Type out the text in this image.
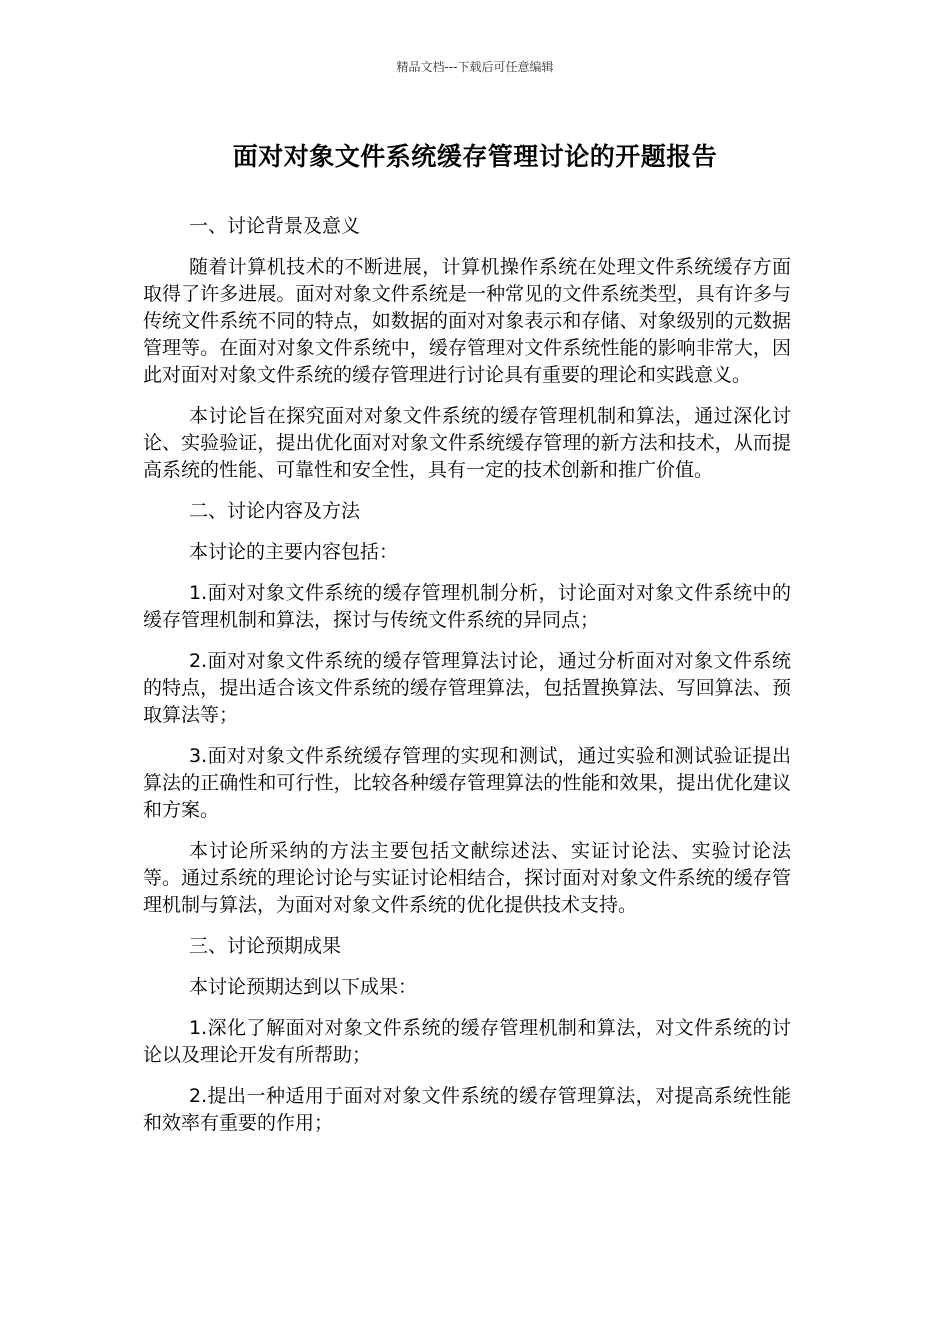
精品文档---下载后可任意编辑
面对对象文件系统缓存管理讨论的开题报告

一、讨论背景及意义

随着计算机技术的不断进展，计算机操作系统在处理文件系统缓存方面取得了许多进展。面对对象文件系统是一种常见的文件系统类型，具有许多与传统文件系统不同的特点，如数据的面对对象表示和存储、对象级别的元数据管理等。在面对对象文件系统中，缓存管理对文件系统性能的影响非常大，因此对面对对象文件系统的缓存管理进行讨论具有重要的理论和实践意义。

本讨论旨在探究面对对象文件系统的缓存管理机制和算法，通过深化讨论、实验验证，提出优化面对对象文件系统缓存管理的新方法和技术，从而提高系统的性能、可靠性和安全性，具有一定的技术创新和推广价值。

二、讨论内容及方法

本讨论的主要内容包括：

1.面对对象文件系统的缓存管理机制分析，讨论面对对象文件系统中的缓存管理机制和算法，探讨与传统文件系统的异同点；

2.面对对象文件系统的缓存管理算法讨论，通过分析面对对象文件系统的特点，提出适合该文件系统的缓存管理算法，包括置换算法、写回算法、预取算法等；

3.面对对象文件系统缓存管理的实现和测试，通过实验和测试验证提出算法的正确性和可行性，比较各种缓存管理算法的性能和效果，提出优化建议和方案。

本讨论所采纳的方法主要包括文献综述法、实证讨论法、实验讨论法等。通过系统的理论讨论与实证讨论相结合，探讨面对对象文件系统的缓存管理机制与算法，为面对对象文件系统的优化提供技术支持。

三、讨论预期成果

本讨论预期达到以下成果：

1.深化了解面对对象文件系统的缓存管理机制和算法，对文件系统的讨论以及理论开发有所帮助；

2.提出一种适用于面对对象文件系统的缓存管理算法，对提高系统性能和效率有重要的作用；
